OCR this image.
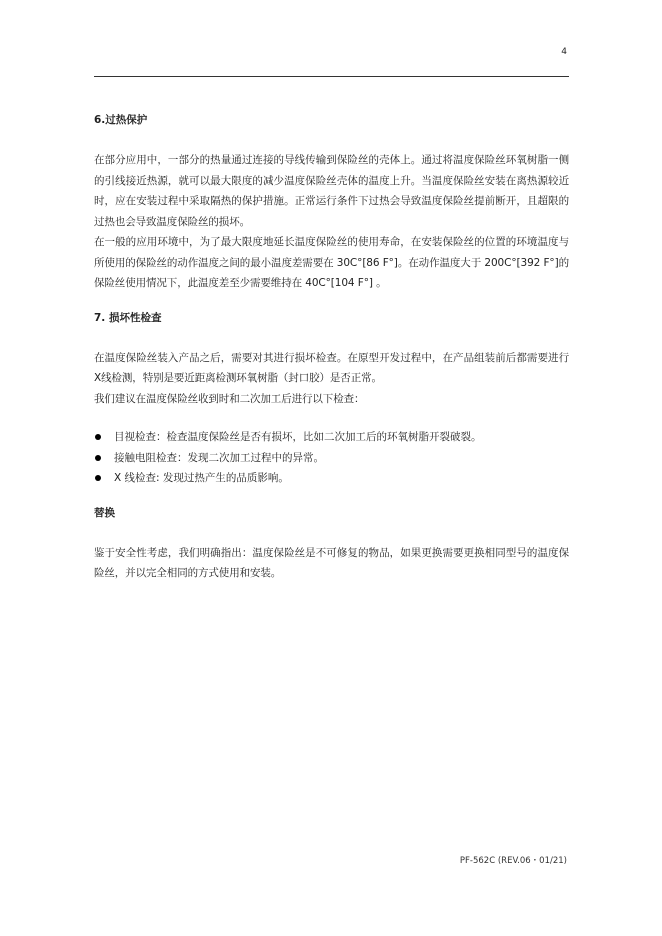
4
6.过热保护

在部分应用中，一部分的热量通过连接的导线传输到保险丝的壳体上。通过将温度保险丝环氧树脂一侧的引线接近热源，就可以最大限度的减少温度保险丝壳体的温度上升。当温度保险丝安装在离热源较近时，应在安装过程中采取隔热的保护措施。正常运行条件下过热会导致温度保险丝提前断开，且超限的过热也会导致温度保险丝的损坏。

在一般的应用环境中，为了最大限度地延长温度保险丝的使用寿命，在安装保险丝的位置的环境温度与所使用的保险丝的动作温度之间的最小温度差需要在 30C°[86 F°]。在动作温度大于 200C°[392 F°]的保险丝使用情况下，此温度差至少需要维持在 40C°[104 F°] 。

7. 损坏性检查

在温度保险丝装入产品之后，需要对其进行损坏检查。在原型开发过程中，在产品组装前后都需要进行X线检测，特别是要近距离检测环氧树脂（封口胶）是否正常。

我们建议在温度保险丝收到时和二次加工后进行以下检查：

目视检查：检查温度保险丝是否有损坏，比如二次加工后的环氧树脂开裂破裂。
接触电阻检查：发现二次加工过程中的异常。
X 线检查: 发现过热产生的品质影响。
替换

鉴于安全性考虑，我们明确指出：温度保险丝是不可修复的物品，如果更换需要更换相同型号的温度保险丝，并以完全相同的方式使用和安装。

PF-562C (REV.06・01/21)
